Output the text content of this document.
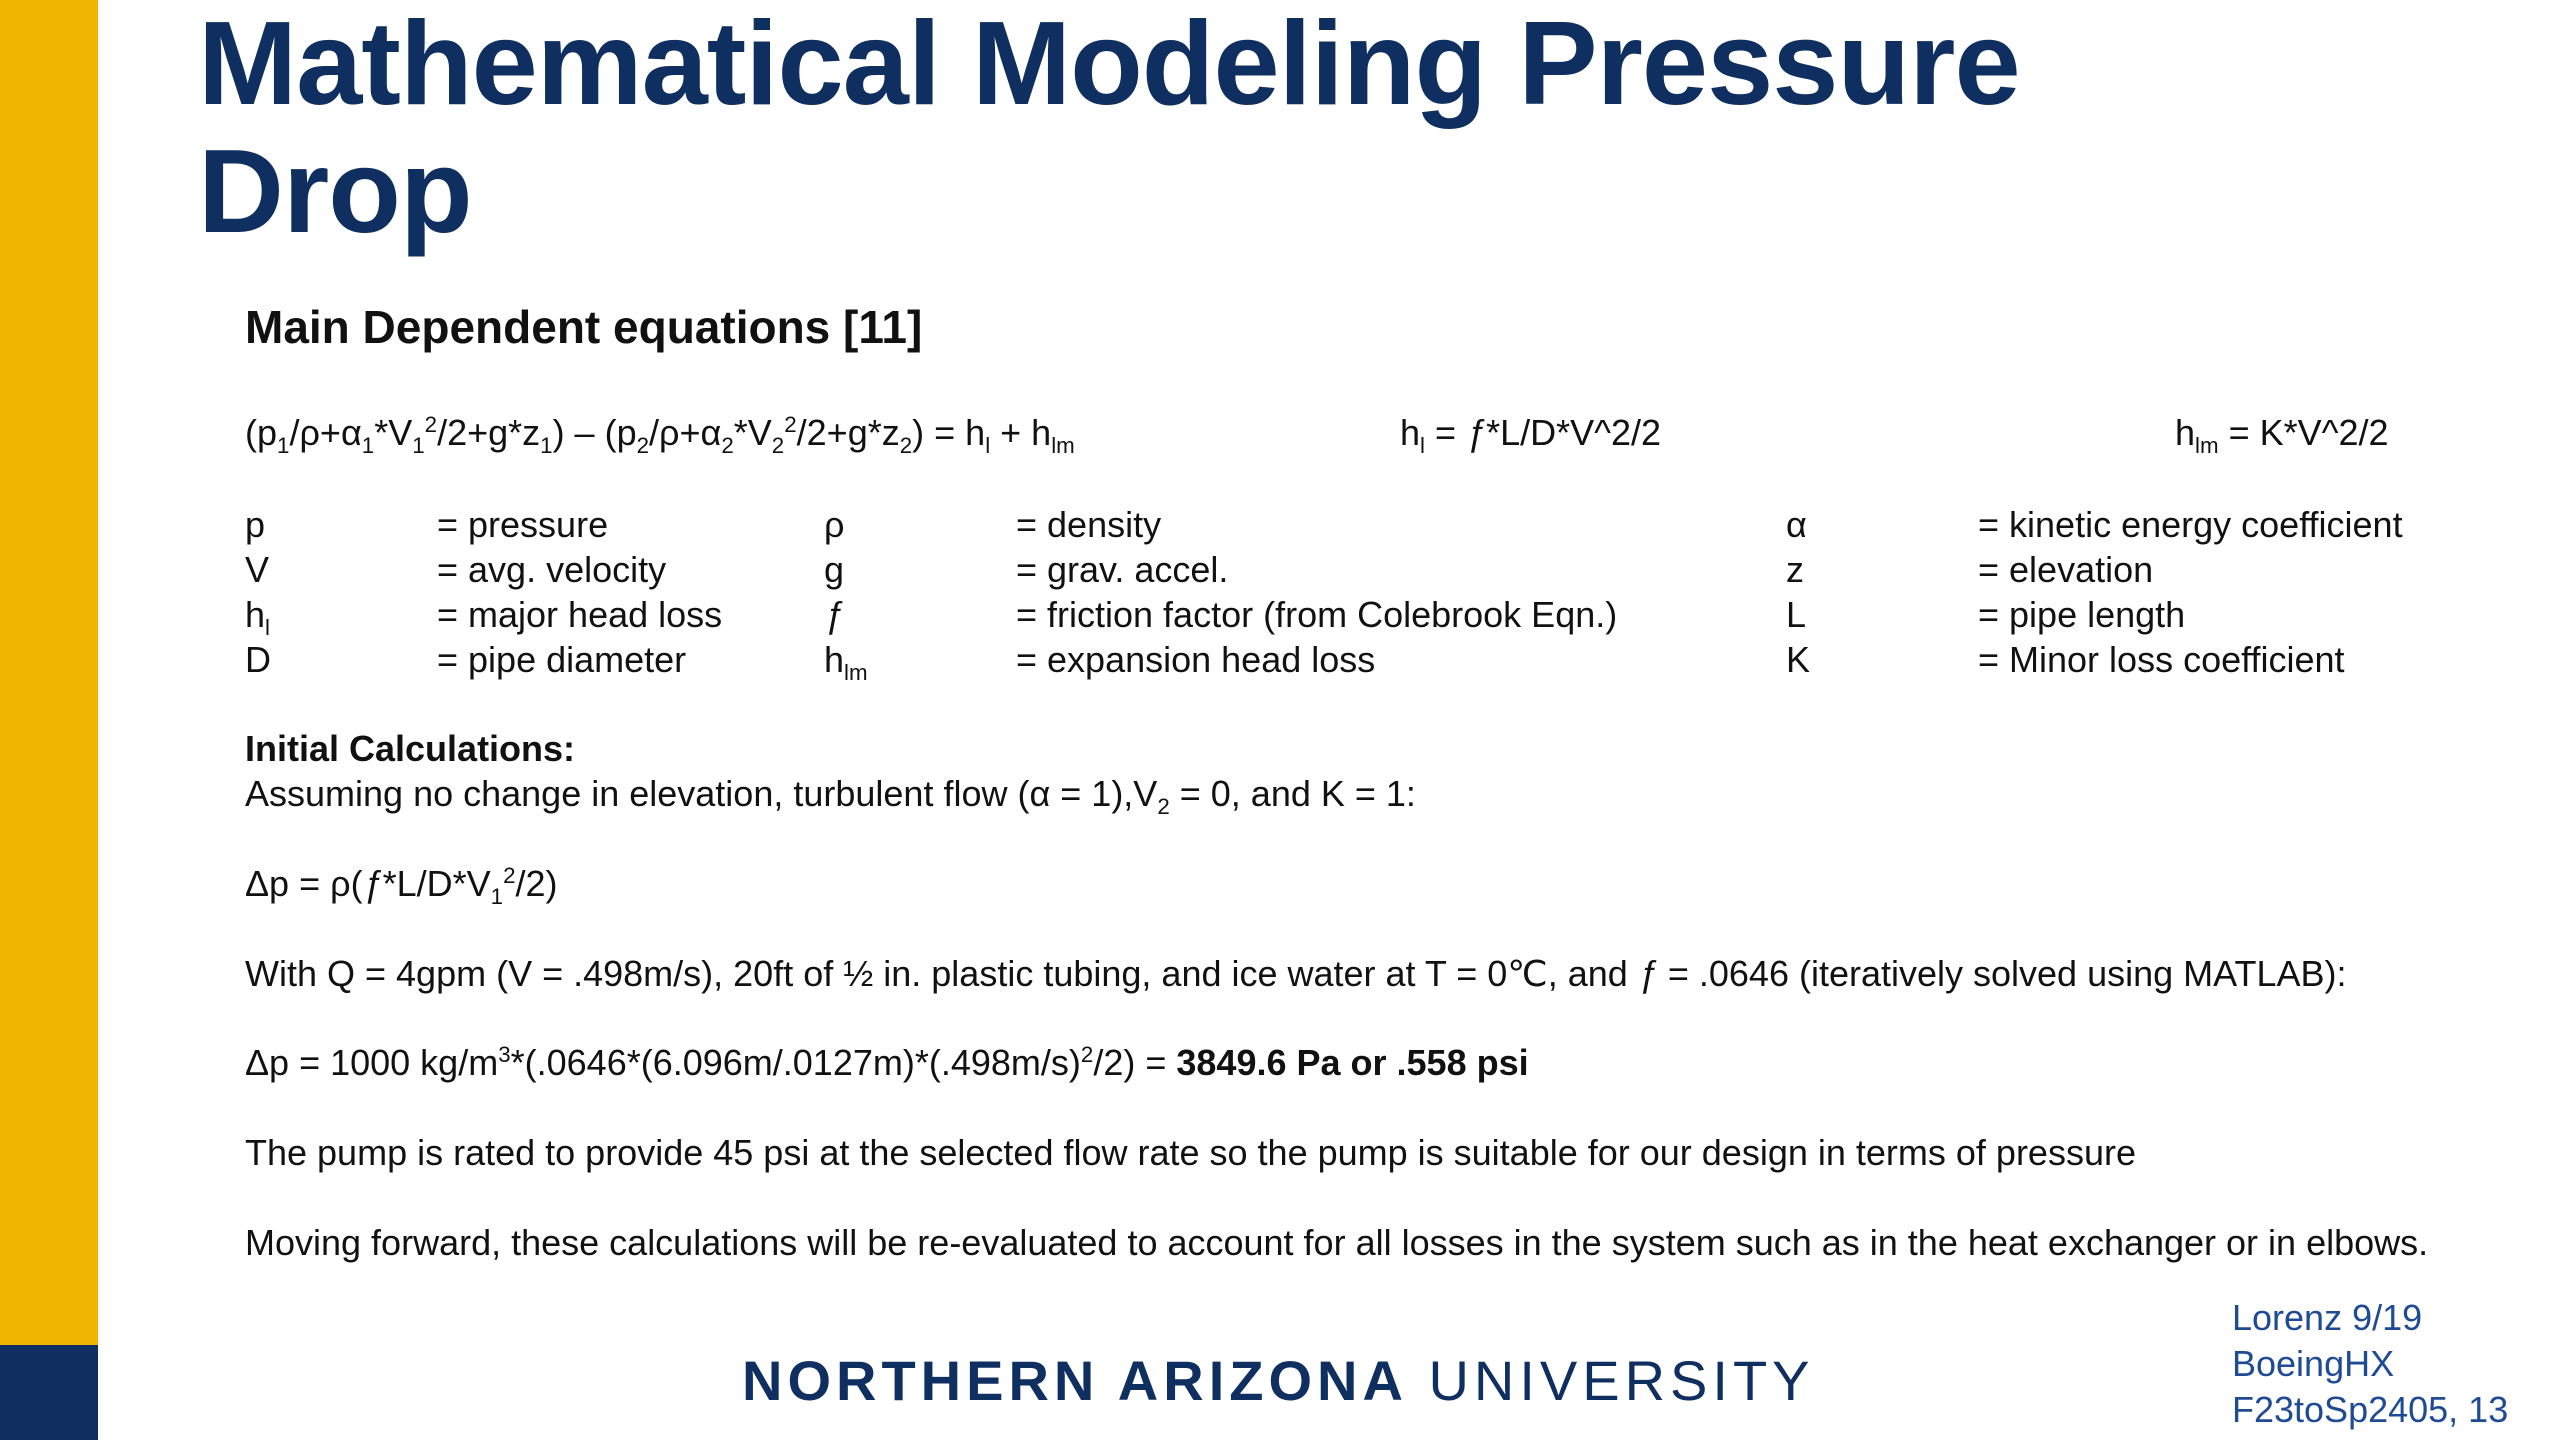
Mathematical Modeling Pressure Drop
Main Dependent equations [11]
$(p_1/\rho+\alpha_1*V_1^2/2+g*z_1) - (p_2/\rho+\alpha_2*V_2^2/2+g*z_2) = h_l + h_{lm}$	$h_l$ = ƒ*L/D*V^2/2	$h_{lm}$ = K*V^2/2
p	= pressure	ρ	= density	α	= kinetic energy coefficient
V	= avg. velocity	g	= grav. accel.	z	= elevation
$h_l$	= major head loss	ƒ	= friction factor (from Colebrook Eqn.)	L	= pipe length
D	= pipe diameter	$h_{lm}$	= expansion head loss	K	= Minor loss coefficient
Initial Calculations:
Assuming no change in elevation, turbulent flow $(\alpha = 1),V_2 = 0$, and K = 1:
$\Delta p = \rho(ƒ*L/D*V_1^2/2)$
With Q = 4gpm (V = .498m/s), 20ft of ½ in. plastic tubing, and ice water at T = 0℃, and ƒ = .0646 (iteratively solved using MATLAB):
Δp = 1000 $kg/m^3*(.0646*(6.096m/.0127m)*(.498m/s)^2/2) = 3849.6$ Pa or .558 psi
The pump is rated to provide 45 psi at the selected flow rate so the pump is suitable for our design in terms of pressure
Moving forward, these calculations will be re-evaluated to account for all losses in the system such as in the heat exchanger or in elbows.
NORTHERN ARIZONA UNIVERSITY
Lorenz 9/19
BoeingHX
F23toSp2405, 13
